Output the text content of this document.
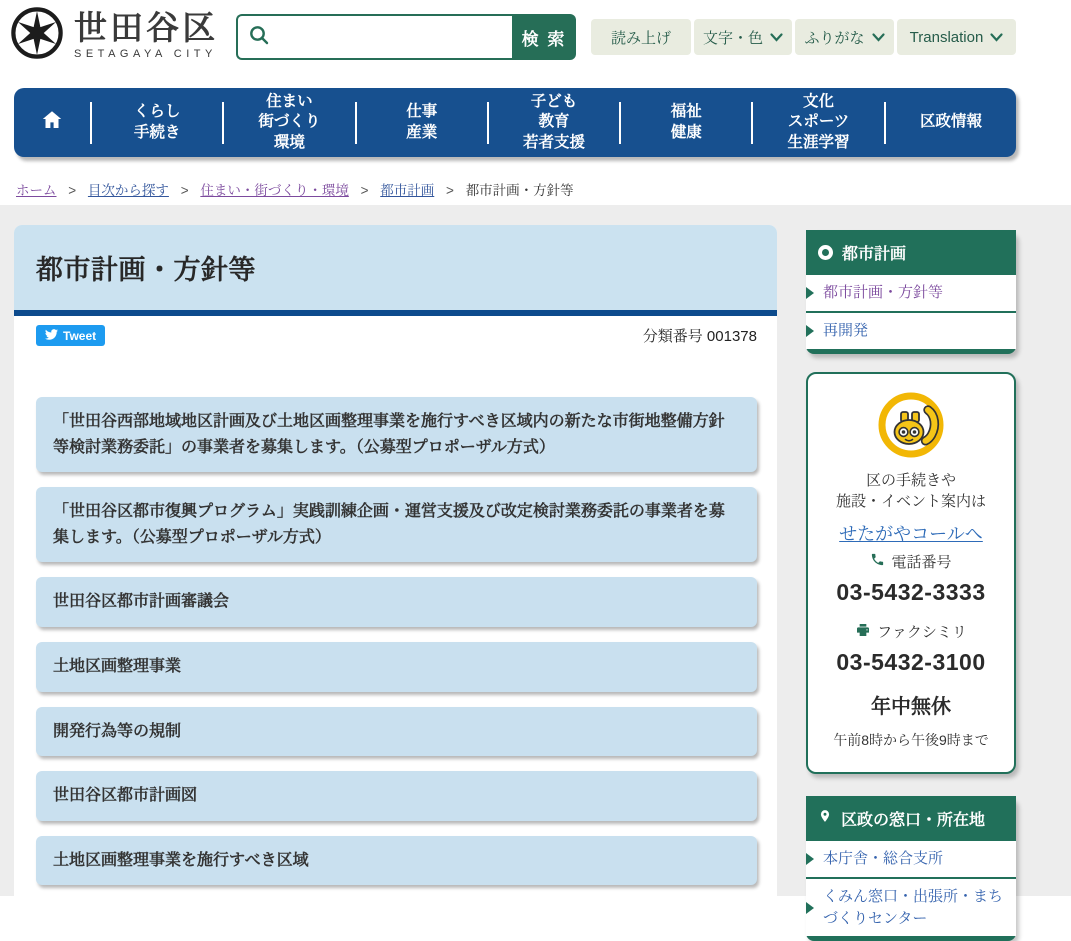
世田谷区
SETAGAYA CITY
検 索	読み上げ 文字・色	ふりがな	Translation
くらし
手続き
住まい
街づくり
環境
仕事
産業
子ども
教育
若者支援
福祉
健康
文化
スポーツ
生涯学習
区政情報
ホーム > 目次から探す > 住まい・街づくり・環境 > 都市計画 > 都市計画・方針等
都市計画・方針等
Tweet	分類番号 001378
「世田谷西部地域地区計画及び土地区画整理事業を施行すべき区域内の新たな市街地整備方針等検討業務委託」の事業者を募集します。（公募型プロポーザル方式）
「世田谷区都市復興プログラム」実践訓練企画・運営支援及び改定検討業務委託の事業者を募集します。（公募型プロポーザル方式）
世田谷区都市計画審議会
土地区画整理事業
開発行為等の規制
世田谷区都市計画図
土地区画整理事業を施行すべき区域
都市計画
都市計画・方針等
再開発
区の手続きや
施設・イベント案内は
せたがやコールへ
電話番号
03-5432-3333
ファクシミリ
03-5432-3100
年中無休
午前8時から午後9時まで
区政の窓口・所在地
本庁舎・総合支所
くみん窓口・出張所・まちづくりセンター
